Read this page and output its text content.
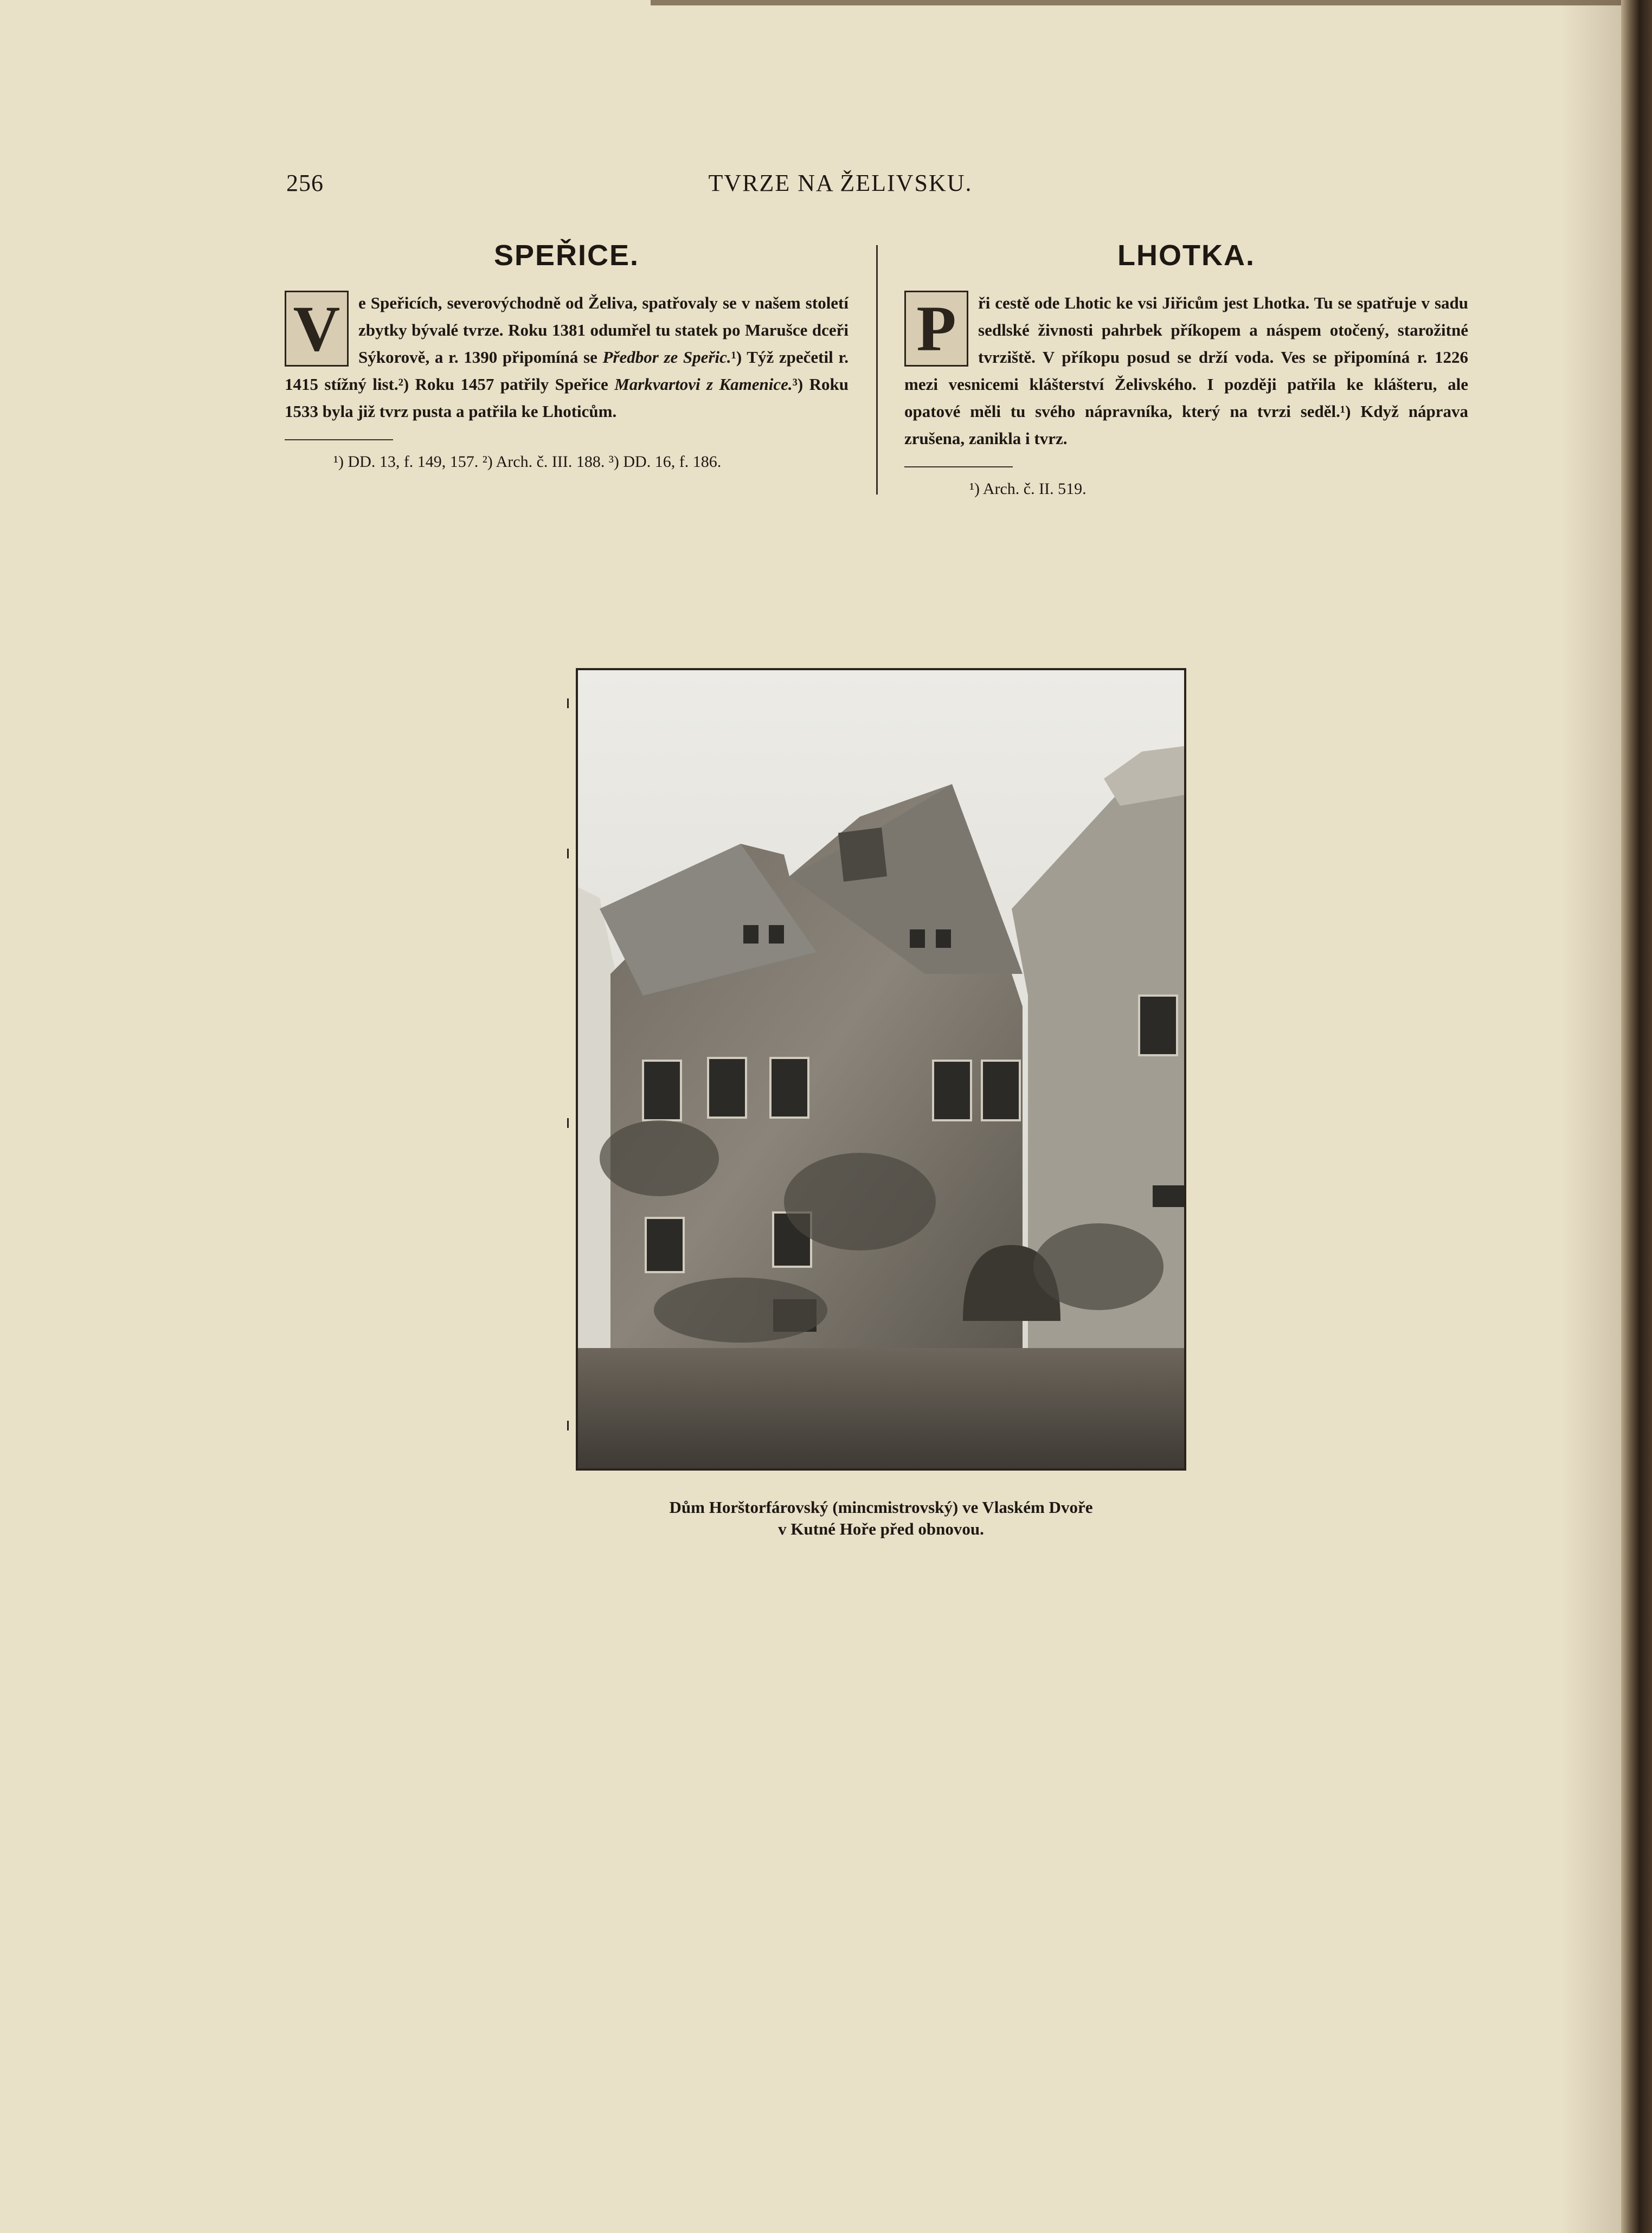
256	TVRZE NA ŽELIVSKU.
SPEŘICE.
V	e Speřicích, severovýchodně od Želiva, spatřovaly se v našem století zbytky bývalé tvrze. Roku 1381 odumřel tu statek po Marušce dceři Sýkorově, a r. 1390 připomíná se Předbor ze Speřic.¹) Týž zpečetil r. 1415 stížný list.²) Roku 1457 patřily Speřice Markvartovi z Kamenice.³) Roku 1533 byla již tvrz pusta a patřila ke Lhoticům.
¹) DD. 13, f. 149, 157. ²) Arch. č. III. 188. ³) DD. 16, f. 186.
LHOTKA.
P	ři cestě ode Lhotic ke vsi Jiřicům jest Lhotka. Tu se spatřuje v sadu sedlské živnosti pahrbek příkopem a náspem otočený, starožitné tvrziště. V příkopu posud se drží voda. Ves se připomíná r. 1226 mezi vesnicemi klášterství Želivského. I později patřila ke klášteru, ale opatové měli tu svého nápravníka, který na tvrzi seděl.¹) Když náprava zrušena, zanikla i tvrz.
¹) Arch. č. II. 519.
Dům Horštorfárovský (mincmistrovský) ve Vlaském Dvoře
v Kutné Hoře před obnovou.
